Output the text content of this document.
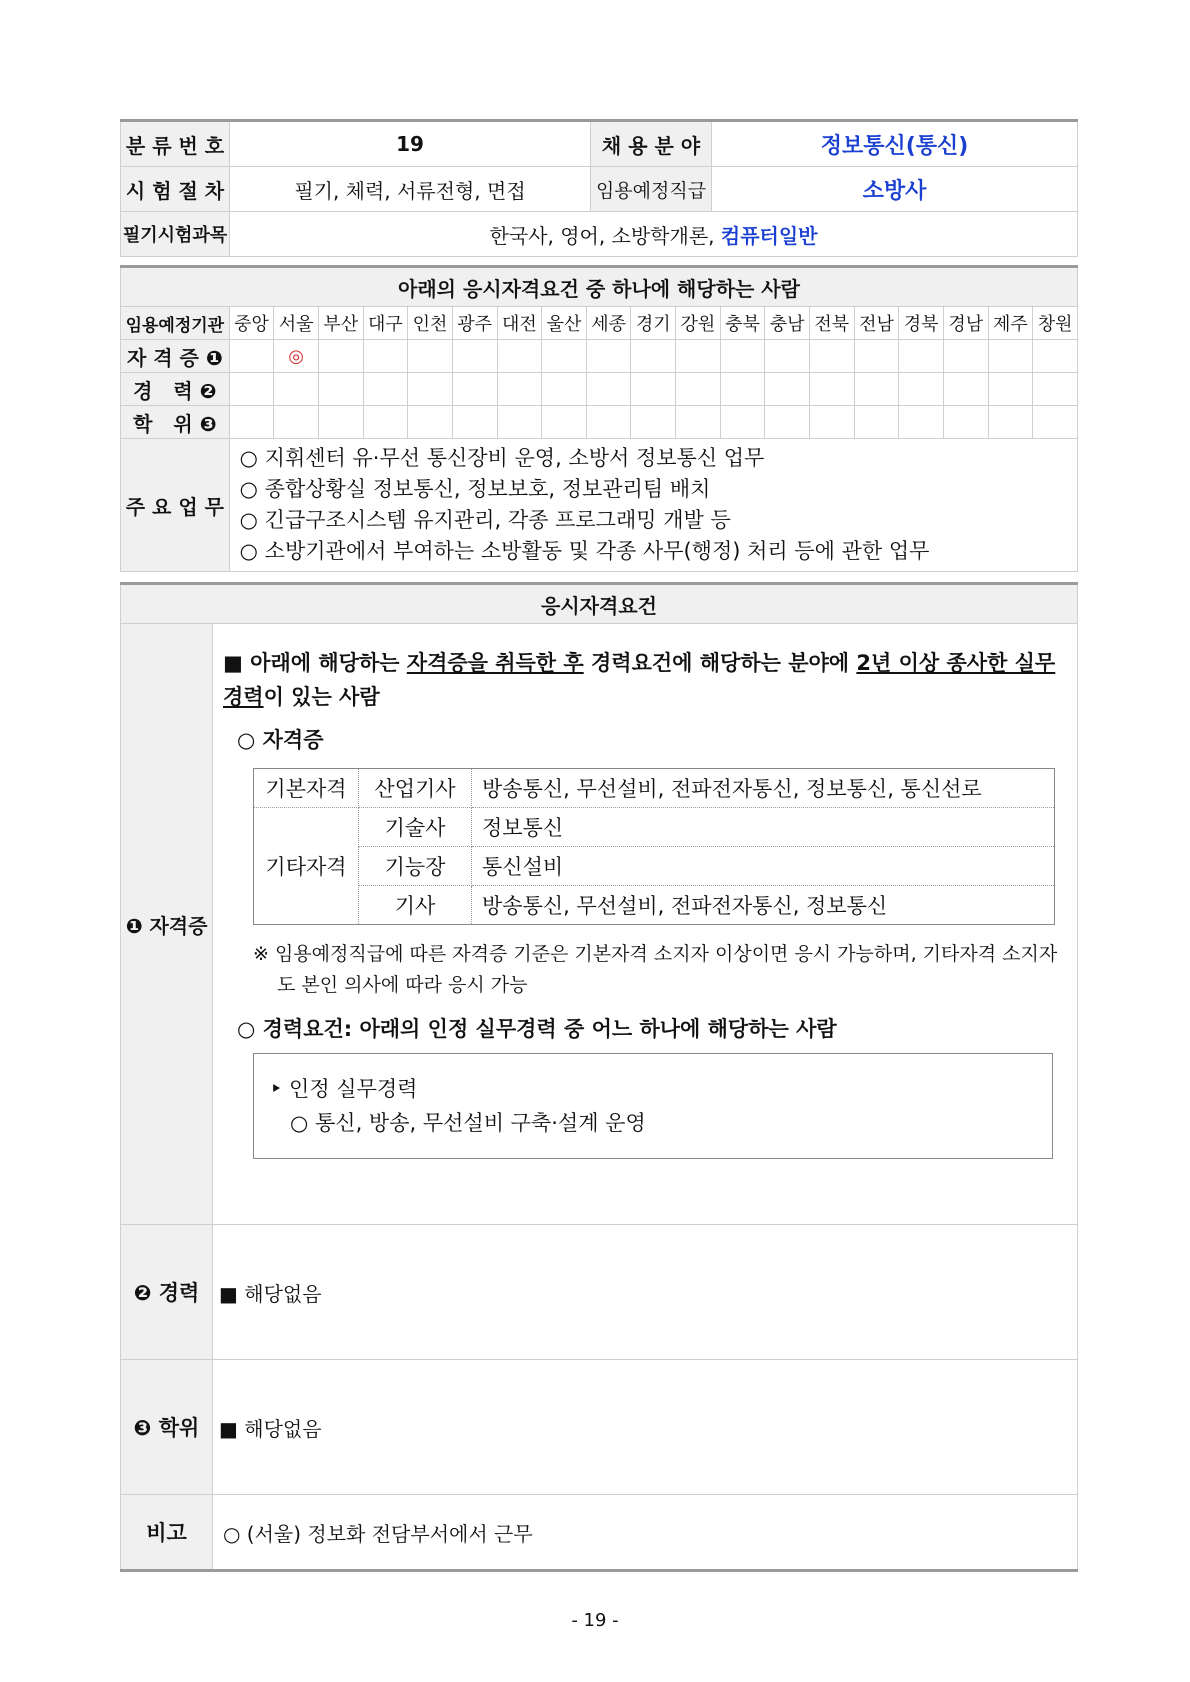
분 류 번 호	19	채 용 분 야	정보통신(통신)
시 험 절 차	필기, 체력, 서류전형, 면접	임용예정직급	소방사
필기시험과목	한국사, 영어, 소방학개론, 컴퓨터일반		
아래의 응시자격요건 중 하나에 해당하는 사람																			
임용예정기관	중앙	서울	부산	대구	인천	광주	대전	울산	세종	경기	강원	충북	충남	전북	전남	경북	경남	제주	창원
자 격 증 ❶		◎																	
경   력 ❷																			
학   위 ❸																			
주 요 업 무	○ 지휘센터 유·무선 통신장비 운영, 소방서 정보통신 업무
○ 종합상황실 정보통신, 정보보호, 정보관리팀 배치
○ 긴급구조시스템 유지관리, 각종 프로그래밍 개발 등
○ 소방기관에서 부여하는 소방활동 및 각종 사무(행정) 처리 등에 관한 업무																		
응시자격요건
❶ 자격증	
■ 아래에 해당하는 자격증을 취득한 후 경력요건에 해당하는 분야에 2년 이상 종사한 실무경력이 있는 사람
○ 자격증
기본자격	산업기사	방송통신, 무선설비, 전파전자통신, 정보통신, 통신선로
기타자격	기술사	정보통신
기능장	통신설비
기사	방송통신, 무선설비, 전파전자통신, 정보통신
※ 임용예정직급에 따른 자격증 기준은 기본자격 소지자 이상이면 응시 가능하며, 기타자격 소지자도 본인 의사에 따라 응시 가능
○ 경력요건: 아래의 인정 실무경력 중 어느 하나에 해당하는 사람
‣ 인정 실무경력
○ 통신, 방송, 무선설비 구축·설계 운영

❷ 경력	■ 해당없음
❸ 학위	■ 해당없음
비고	○ (서울) 정보화 전담부서에서 근무
- 19 -
